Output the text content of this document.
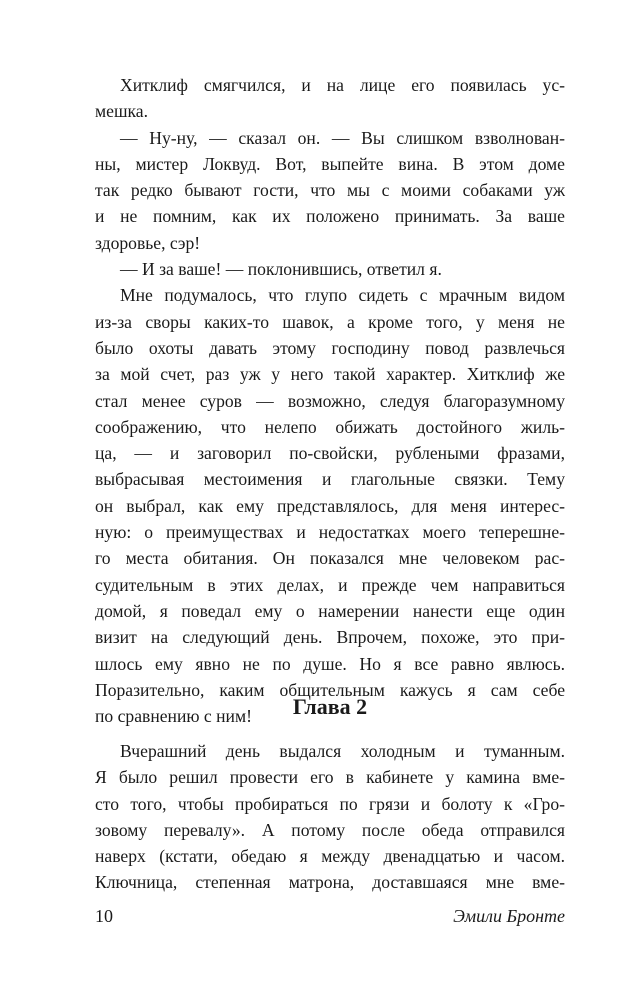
Хитклиф смягчился, и на лице его появилась ус-
мешка.
— Ну-ну, — сказал он. — Вы слишком взволнован-
ны, мистер Локвуд. Вот, выпейте вина. В этом доме
так редко бывают гости, что мы с моими собаками уж
и не помним, как их положено принимать. За ваше
здоровье, сэр!
— И за ваше! — поклонившись, ответил я.
Мне подумалось, что глупо сидеть с мрачным видом
из-за своры каких-то шавок, а кроме того, у меня не
было охоты давать этому господину повод развлечься
за мой счет, раз уж у него такой характер. Хитклиф же
стал менее суров — возможно, следуя благоразумному
соображению, что нелепо обижать достойного жиль-
ца, — и заговорил по-свойски, рублеными фразами,
выбрасывая местоимения и глагольные связки. Тему
он выбрал, как ему представлялось, для меня интерес-
ную: о преимуществах и недостатках моего теперешне-
го места обитания. Он показался мне человеком рас-
судительным в этих делах, и прежде чем направиться
домой, я поведал ему о намерении нанести еще один
визит на следующий день. Впрочем, похоже, это при-
шлось ему явно не по душе. Но я все равно явлюсь.
Поразительно, каким общительным кажусь я сам себе
по сравнению с ним!	Глава 2
Вчерашний день выдался холодным и туманным.
Я было решил провести его в кабинете у камина вме-
сто того, чтобы пробираться по грязи и болоту к «Гро-
зовому перевалу». А потому после обеда отправился
наверх (кстати, обедаю я между двенадцатью и часом.
Ключница, степенная матрона, доставшаяся мне вме-
10	Эмили Бронте
